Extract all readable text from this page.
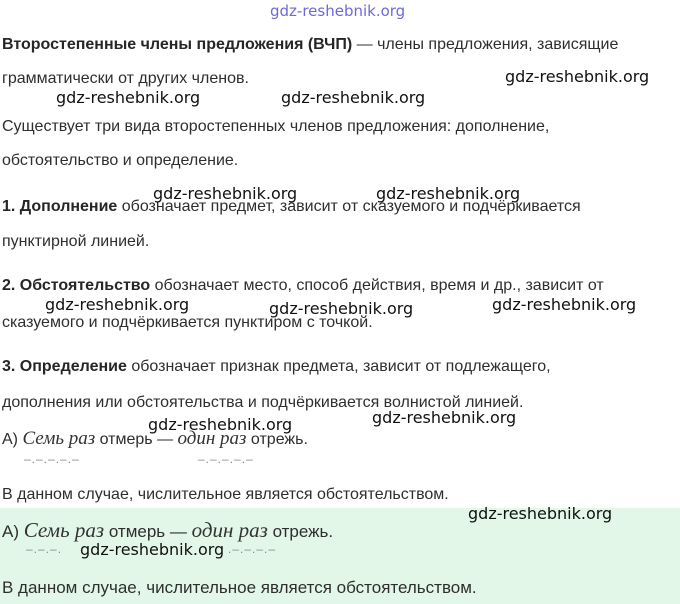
gdz-reshebnik.org
Второстепенные члены предложения (ВЧП) — члены предложения, зависящие
грамматически от других членов.
Существует три вида второстепенных членов предложения: дополнение,
обстоятельство и определение.
1. Дополнение обозначает предмет, зависит от сказуемого и подчёркивается
пунктирной линией.
2. Обстоятельство обозначает место, способ действия, время и др., зависит от
сказуемого и подчёркивается пунктиром с точкой.
3. Определение обозначает признак предмета, зависит от подлежащего,
дополнения или обстоятельства и подчёркивается волнистой линией.
А) Семь раз отмерь — один раз отрежь.
–.–.–.–.–	–.–.–.–.–
В данном случае, числительное является обстоятельством.
А) Семь раз отмерь — один раз отрежь.
–.–.–.	.–.–.–.–
В данном случае, числительное является обстоятельством.
gdz-reshebnik.org
gdz-reshebnik.org	gdz-reshebnik.org
gdz-reshebnik.org	gdz-reshebnik.org
gdz-reshebnik.org	gdz-reshebnik.org	gdz-reshebnik.org
gdz-reshebnik.org
gdz-reshebnik.org
gdz-reshebnik.org
gdz-reshebnik.org
